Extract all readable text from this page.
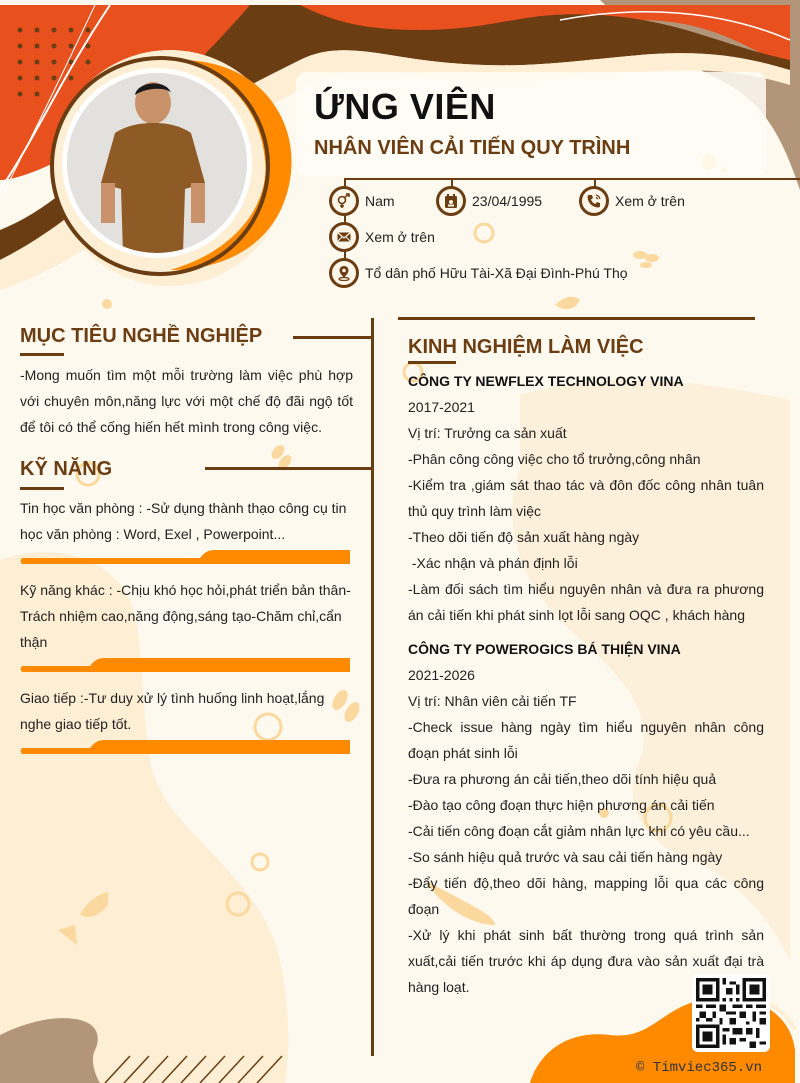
ỨNG VIÊN
NHÂN VIÊN CẢI TIẾN QUY TRÌNH
Nam	23/04/1995	Xem ở trên
Xem ở trên
Tổ dân phố Hữu Tài-Xã Đại Đình-Phú Thọ
MỤC TIÊU NGHỀ NGHIỆP
-Mong muốn tìm một mỗi trường làm việc phù hợp với chuyên môn,năng lực với một chế độ đãi ngộ tốt để tôi có thể cống hiến hết mình trong công việc.
KỸ NĂNG
Tin học văn phòng : -Sử dụng thành thạo công cụ tin học văn phòng : Word, Exel , Powerpoint...
Kỹ năng khác : -Chịu khó học hỏi,phát triển bản thân-Trách nhiệm cao,năng động,sáng tạo-Chăm chỉ,cẩn thận
Giao tiếp :-Tư duy xử lý tình huống linh hoạt,lắng nghe giao tiếp tốt.
KINH NGHIỆM LÀM VIỆC
CÔNG TY NEWFLEX TECHNOLOGY VINA
2017-2021
Vị trí: Trưởng ca sản xuất
-Phân công công việc cho tổ trưởng,công nhân
-Kiểm tra ,giám sát thao tác và đôn đốc công nhân tuân thủ quy trình làm việc
-Theo dõi tiến độ sản xuất hàng ngày
-Xác nhận và phán định lỗi
-Làm đối sách tìm hiểu nguyên nhân và đưa ra phương án cải tiến khi phát sinh lọt lỗi sang OQC , khách hàng
CÔNG TY POWEROGICS BÁ THIỆN VINA
2021-2026
Vị trí: Nhân viên cải tiến TF
-Check issue hàng ngày tìm hiểu nguyên nhân công đoạn phát sinh lỗi
-Đưa ra phương án cải tiến,theo dõi tính hiệu quả
-Đào tạo công đoạn thực hiện phương án cải tiến
-Cải tiến công đoạn cắt giảm nhân lực khi có yêu cầu...
-So sánh hiệu quả trước và sau cải tiến hàng ngày
-Đẩy tiến độ,theo dõi hàng, mapping lỗi qua các công đoạn
-Xử lý khi phát sinh bất thường trong quá trình sản xuất,cải tiến trước khi áp dụng đưa vào sản xuất đại trà hàng loạt.
© Timviec365.vn
